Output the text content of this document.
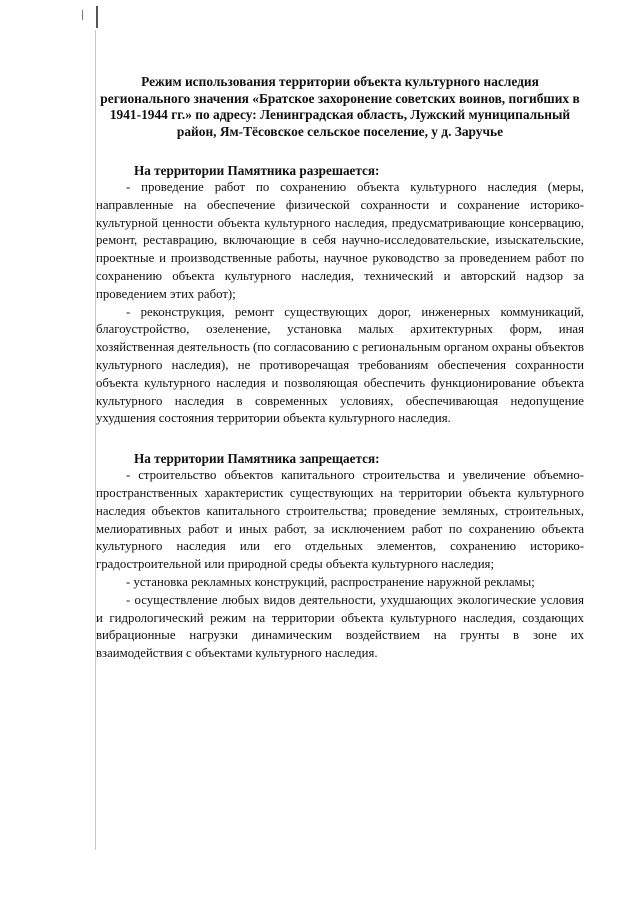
Режим использования территории объекта культурного наследия регионального значения «Братское захоронение советских воинов, погибших в 1941-1944 гг.» по адресу: Ленинградская область, Лужский муниципальный район, Ям-Тёсовское сельское поселение, у д. Заручье

На территории Памятника разрешается:

- проведение работ по сохранению объекта культурного наследия (меры, направленные на обеспечение физической сохранности и сохранение историко-культурной ценности объекта культурного наследия, предусматривающие консервацию, ремонт, реставрацию, включающие в себя научно-исследовательские, изыскательские, проектные и производственные работы, научное руководство за проведением работ по сохранению объекта культурного наследия, технический и авторский надзор за проведением этих работ);

- реконструкция, ремонт существующих дорог, инженерных коммуникаций, благоустройство, озеленение, установка малых архитектурных форм, иная хозяйственная деятельность (по согласованию с региональным органом охраны объектов культурного наследия), не противоречащая требованиям обеспечения сохранности объекта культурного наследия и позволяющая обеспечить функционирование объекта культурного наследия в современных условиях, обеспечивающая недопущение ухудшения состояния территории объекта культурного наследия.

На территории Памятника запрещается:

- строительство объектов капитального строительства и увеличение объемно-пространственных характеристик существующих на территории объекта культурного наследия объектов капитального строительства; проведение земляных, строительных, мелиоративных работ и иных работ, за исключением работ по сохранению объекта культурного наследия или его отдельных элементов, сохранению историко-градостроительной или природной среды объекта культурного наследия;

- установка рекламных конструкций, распространение наружной рекламы;

- осуществление любых видов деятельности, ухудшающих экологические условия и гидрологический режим на территории объекта культурного наследия, создающих вибрационные нагрузки динамическим воздействием на грунты в зоне их взаимодействия с объектами культурного наследия.
